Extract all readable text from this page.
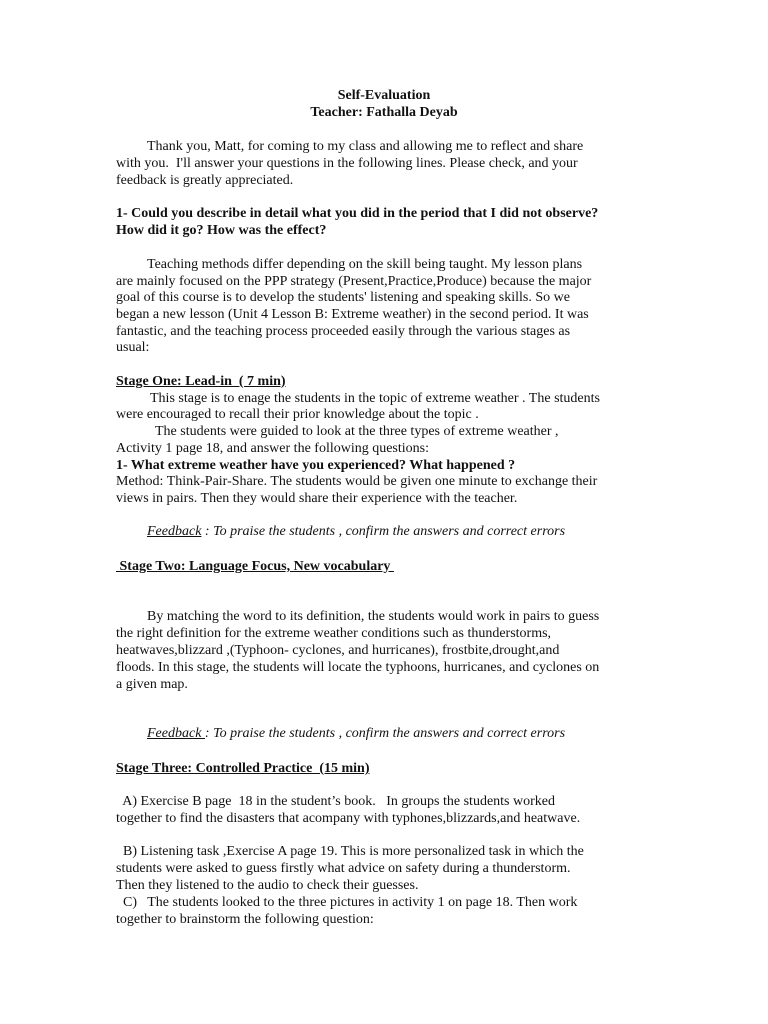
Self-Evaluation
Teacher: Fathalla Deyab
Thank you, Matt, for coming to my class and allowing me to reflect and share
with you.  I'll answer your questions in the following lines. Please check, and your
feedback is greatly appreciated.
1- Could you describe in detail what you did in the period that I did not observe?
How did it go? How was the effect?
Teaching methods differ depending on the skill being taught. My lesson plans
are mainly focused on the PPP strategy (Present,Practice,Produce) because the major
goal of this course is to develop the students' listening and speaking skills. So we
began a new lesson (Unit 4 Lesson B: Extreme weather) in the second period. It was
fantastic, and the teaching process proceeded easily through the various stages as
usual:
Stage One: Lead-in  ( 7 min)
This stage is to enage the students in the topic of extreme weather . The students
were encouraged to recall their prior knowledge about the topic .
The students were guided to look at the three types of extreme weather ,
Activity 1 page 18, and answer the following questions:
1- What extreme weather have you experienced? What happened ?
Method: Think-Pair-Share. The students would be given one minute to exchange their
views in pairs. Then they would share their experience with the teacher.
Feedback : To praise the students , confirm the answers and correct errors
Stage Two: Language Focus, New vocabulary
By matching the word to its definition, the students would work in pairs to guess
the right definition for the extreme weather conditions such as thunderstorms,
heatwaves,blizzard ,(Typhoon- cyclones, and hurricanes), frostbite,drought,and
floods. In this stage, the students will locate the typhoons, hurricanes, and cyclones on
a given map.
Feedback : To praise the students , confirm the answers and correct errors
Stage Three: Controlled Practice  (15 min)
A) Exercise B page  18 in the student’s book.   In groups the students worked
together to find the disasters that acompany with typhones,blizzards,and heatwave.
B) Listening task ,Exercise A page 19. This is more personalized task in which the
students were asked to guess firstly what advice on safety during a thunderstorm.
Then they listened to the audio to check their guesses.
C)   The students looked to the three pictures in activity 1 on page 18. Then work
together to brainstorm the following question:
